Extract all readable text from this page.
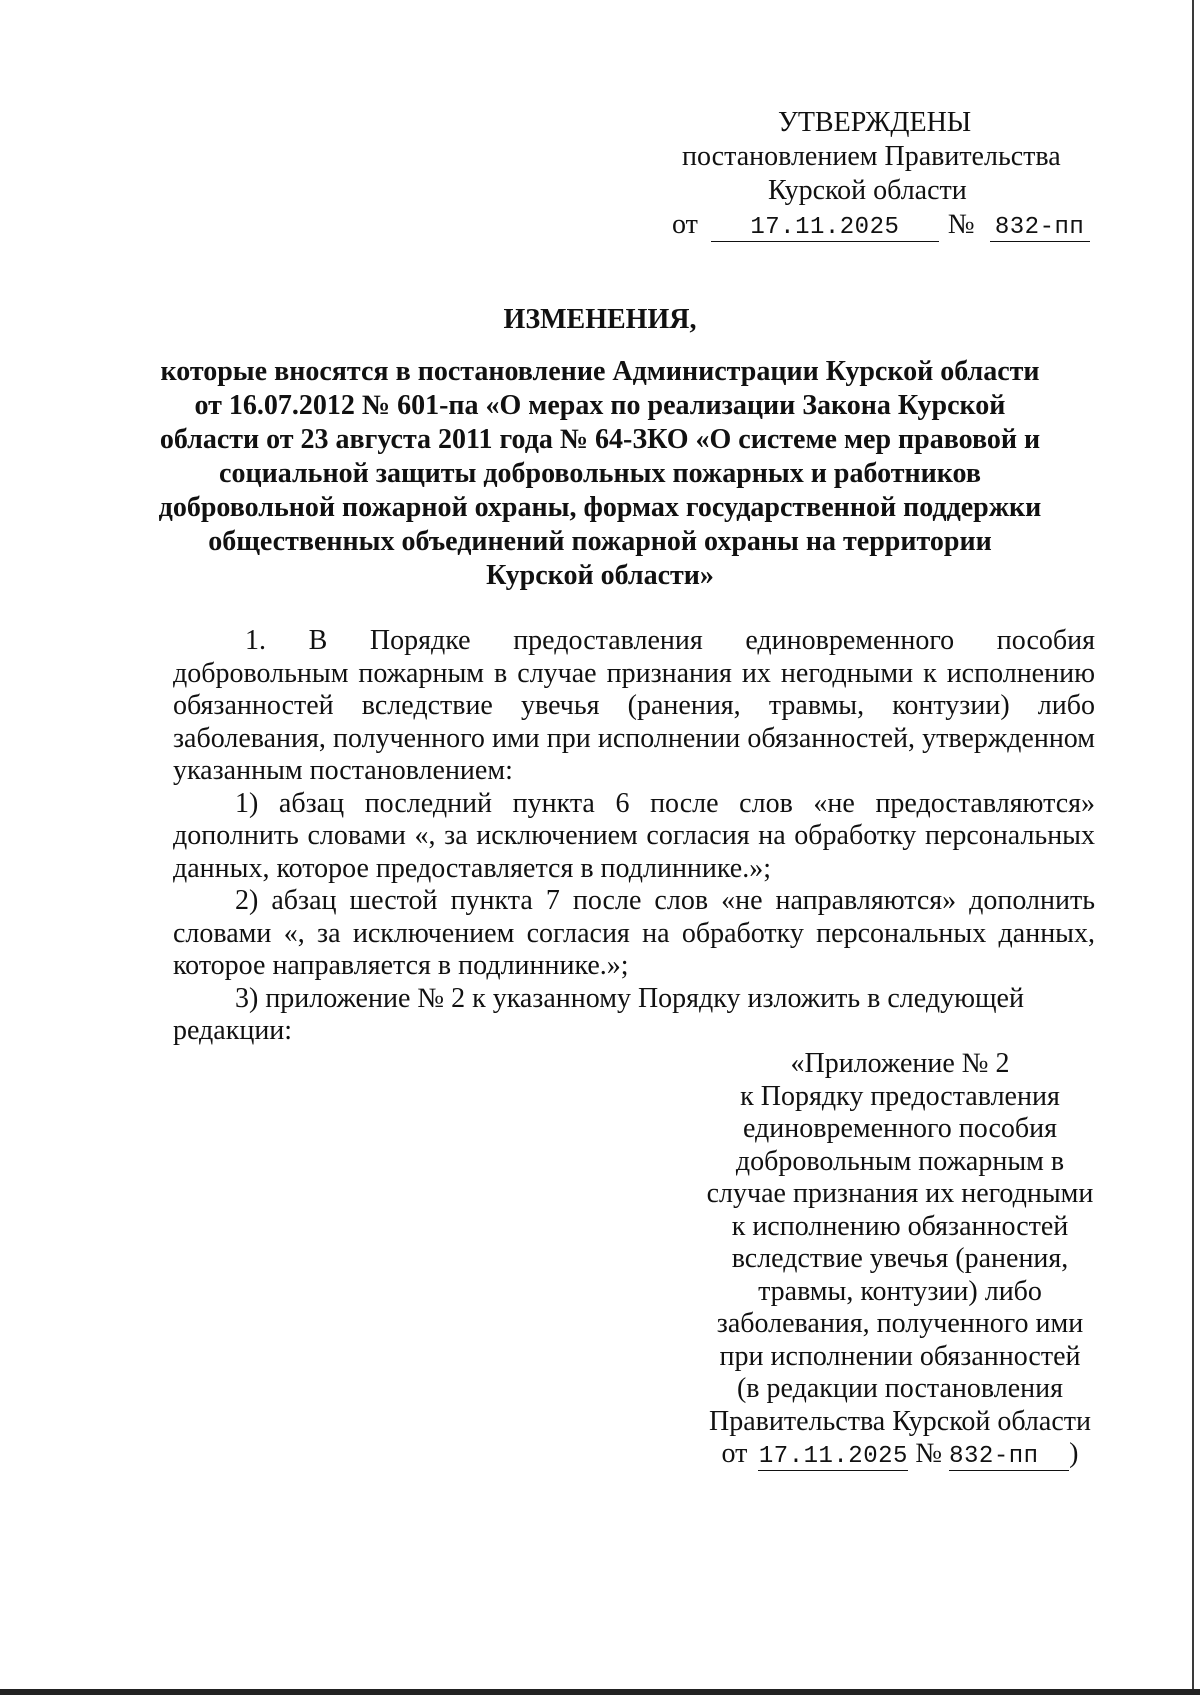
УТВЕРЖДЕНЫ
постановлением Правительства
Курской области
от 17.11.2025 № 832-пп
ИЗМЕНЕНИЯ,
которые вносятся в постановление Администрации Курской области
от 16.07.2012 № 601-па «О мерах по реализации Закона Курской
области от 23 августа 2011 года № 64-ЗКО «О системе мер правовой и
социальной защиты добровольных пожарных и работников
добровольной пожарной охраны, формах государственной поддержки
общественных объединений пожарной охраны на территории
Курской области»

1.    В    Порядке    предоставления    единовременного    пособия добровольным пожарным в случае признания их негодными к исполнению обязанностей вследствие увечья (ранения, травмы, контузии) либо заболевания, полученного ими при исполнении обязанностей, утвержденном указанным постановлением:

1) абзац последний пункта 6 после слов «не предоставляются» дополнить словами «, за исключением согласия на обработку персональных данных, которое предоставляется в подлиннике.»;

2) абзац шестой пункта 7 после слов «не направляются» дополнить словами «, за исключением согласия на обработку персональных данных, которое направляется в подлиннике.»;

3) приложение № 2 к указанному Порядку изложить в следующей редакции:

«Приложение № 2
к Порядку предоставления
единовременного пособия
добровольным пожарным в
случае признания их негодными
к исполнению обязанностей
вследствие увечья (ранения,
травмы, контузии) либо
заболевания, полученного ими
при исполнении обязанностей
(в редакции постановления
Правительства Курской области
от 17.11.2025 № 832-пп )
